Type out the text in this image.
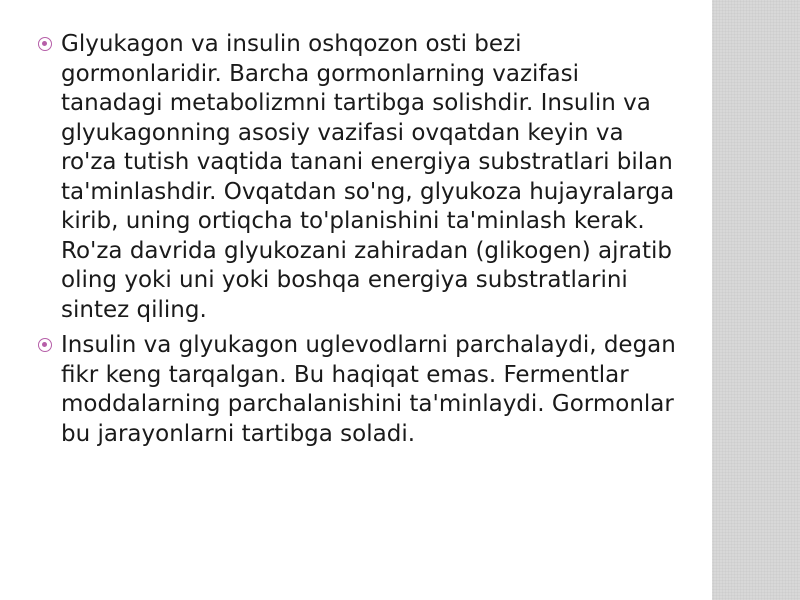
Glyukagon va insulin oshqozon osti bezi gormonlaridir. Barcha gormonlarning vazifasi tanadagi metabolizmni tartibga solishdir. Insulin va glyukagonning asosiy vazifasi ovqatdan keyin va ro'za tutish vaqtida tanani energiya substratlari bilan ta'minlashdir. Ovqatdan so'ng, glyukoza hujayralarga kirib, uning ortiqcha to'planishini ta'minlash kerak. Ro'za davrida glyukozani zahiradan (glikogen) ajratib oling yoki uni yoki boshqa energiya substratlarini sintez qiling.
Insulin va glyukagon uglevodlarni parchalaydi, degan fikr keng tarqalgan. Bu haqiqat emas. Fermentlar moddalarning parchalanishini ta'minlaydi. Gormonlar bu jarayonlarni tartibga soladi.
